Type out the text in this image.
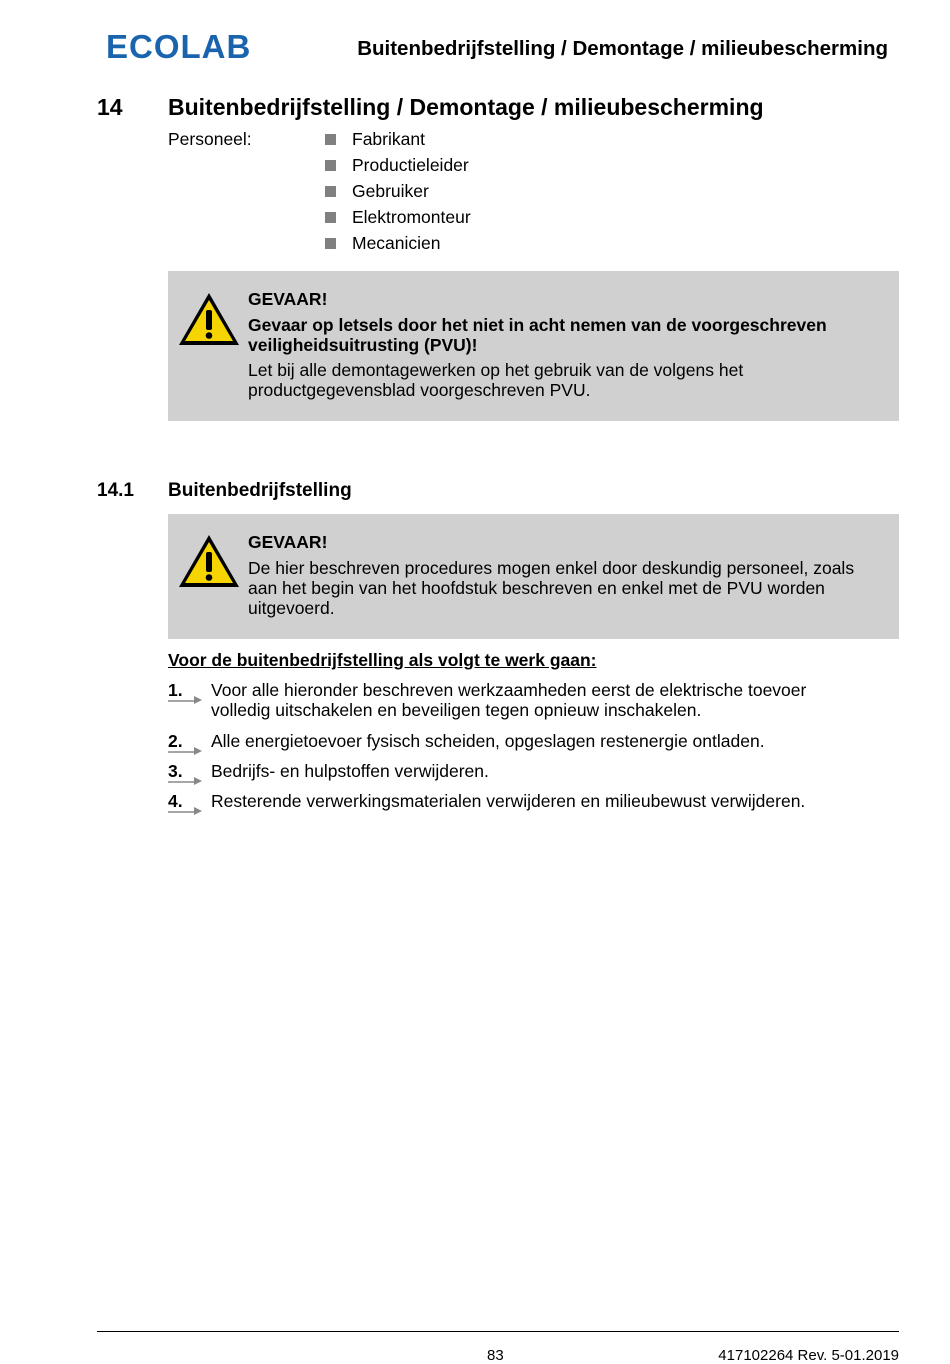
ECOLAB	Buitenbedrijfstelling / Demontage / milieubescherming
14 Buitenbedrijfstelling / Demontage / milieubescherming
Personeel:	Fabrikant
Productieleider
Gebruiker
Elektromonteur
Mecanicien
GEVAAR!
Gevaar op letsels door het niet in acht nemen van de voorgeschreven
veiligheidsuitrusting (PVU)!
Let bij alle demontagewerken op het gebruik van de volgens het
productgegevensblad voorgeschreven PVU.
14.1 Buitenbedrijfstelling
GEVAAR!
De hier beschreven procedures mogen enkel door deskundig personeel, zoals
aan het begin van het hoofdstuk beschreven en enkel met de PVU worden
uitgevoerd.
Voor de buitenbedrijfstelling als volgt te werk gaan:
1. Voor alle hieronder beschreven werkzaamheden eerst de elektrische toevoer
volledig uitschakelen en beveiligen tegen opnieuw inschakelen.
2. Alle energietoevoer fysisch scheiden, opgeslagen restenergie ontladen.
3. Bedrijfs- en hulpstoffen verwijderen.
4. Resterende verwerkingsmaterialen verwijderen en milieubewust verwijderen.
83	417102264 Rev. 5-01.2019
